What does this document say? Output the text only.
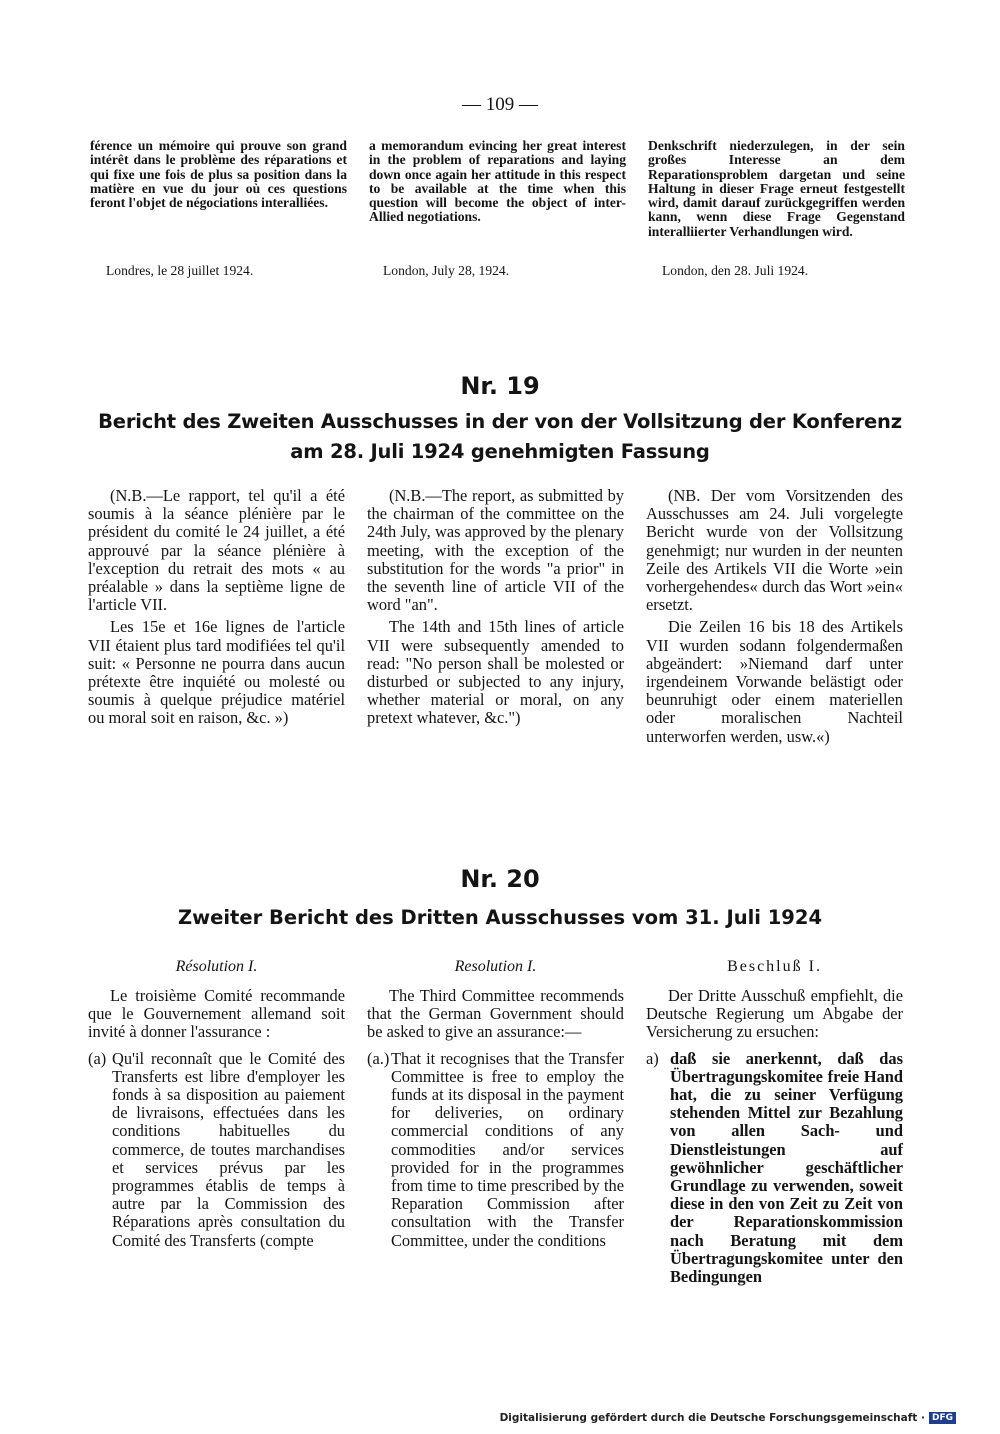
— 109 —
férence un mémoire qui prouve son grand intérêt dans le problème des réparations et qui fixe une fois de plus sa position dans la matière en vue du jour où ces questions feront l'objet de négociations interalliées.
a memorandum evincing her great interest in the problem of reparations and laying down once again her attitude in this respect to be available at the time when this question will become the object of inter-Allied negotiations.
Denkschrift niederzulegen, in der sein großes Interesse an dem Reparationsproblem dargetan und seine Haltung in dieser Frage erneut festgestellt wird, damit darauf zurückgegriffen werden kann, wenn diese Frage Gegenstand interalliierter Verhandlungen wird.
Londres, le 28 juillet 1924.	London, July 28, 1924.	London, den 28. Juli 1924.
Nr. 19
Bericht des Zweiten Ausschusses in der von der Vollsitzung der Konferenz
am 28. Juli 1924 genehmigten Fassung

(N.B.—Le rapport, tel qu'il a été soumis à la séance plénière par le président du comité le 24 juillet, a été approuvé par la séance plénière à l'exception du retrait des mots « au préalable » dans la septième ligne de l'article VII.

Les 15e et 16e lignes de l'article VII étaient plus tard modifiées tel qu'il suit: « Personne ne pourra dans aucun prétexte être inquiété ou molesté ou soumis à quelque préjudice matériel ou moral soit en raison, &c. »)

(N.B.—The report, as submitted by the chairman of the committee on the 24th July, was approved by the plenary meeting, with the exception of the substitution for the words "a prior" in the seventh line of article VII of the word "an".

The 14th and 15th lines of article VII were subsequently amended to read: "No person shall be molested or disturbed or subjected to any injury, whether material or moral, on any pretext whatever, &c.")

(NB. Der vom Vorsitzenden des Ausschusses am 24. Juli vorgelegte Bericht wurde von der Vollsitzung genehmigt; nur wurden in der neunten Zeile des Artikels VII die Worte »ein vorhergehendes« durch das Wort »ein« ersetzt.

Die Zeilen 16 bis 18 des Artikels VII wurden sodann folgendermaßen abgeändert: »Niemand darf unter irgendeinem Vorwande belästigt oder beunruhigt oder einem materiellen oder moralischen Nachteil unterworfen werden, usw.«)

Nr. 20
Zweiter Bericht des Dritten Ausschusses vom 31. Juli 1924
Résolution I.	Resolution I.	Beschluß I.

Le troisième Comité recommande que le Gouvernement allemand soit invité à donner l'assurance :

(a) Qu'il reconnaît que le Comité des Transferts est libre d'employer les fonds à sa disposition au paiement de livraisons, effectuées dans les conditions habituelles du commerce, de toutes marchandises et services prévus par les programmes établis de temps à autre par la Commission des Réparations après consultation du Comité des Transferts (compte

The Third Committee recommends that the German Government should be asked to give an assurance:—

(a.) That it recognises that the Transfer Committee is free to employ the funds at its disposal in the payment for deliveries, on ordinary commercial conditions of any commodities and/or services provided for in the programmes from time to time prescribed by the Reparation Commission after consultation with the Transfer Committee, under the conditions

Der Dritte Ausschuß empfiehlt, die Deutsche Regierung um Abgabe der Versicherung zu ersuchen:

a) daß sie anerkennt, daß das Übertragungskomitee freie Hand hat, die zu seiner Verfügung stehenden Mittel zur Bezahlung von allen Sach- und Dienstleistungen auf gewöhnlicher geschäftlicher Grundlage zu verwenden, soweit diese in den von Zeit zu Zeit von der Reparationskommission nach Beratung mit dem Übertragungskomitee unter den Bedingungen
Digitalisierung gefördert durch die Deutsche Forschungsgemeinschaft · DFG
